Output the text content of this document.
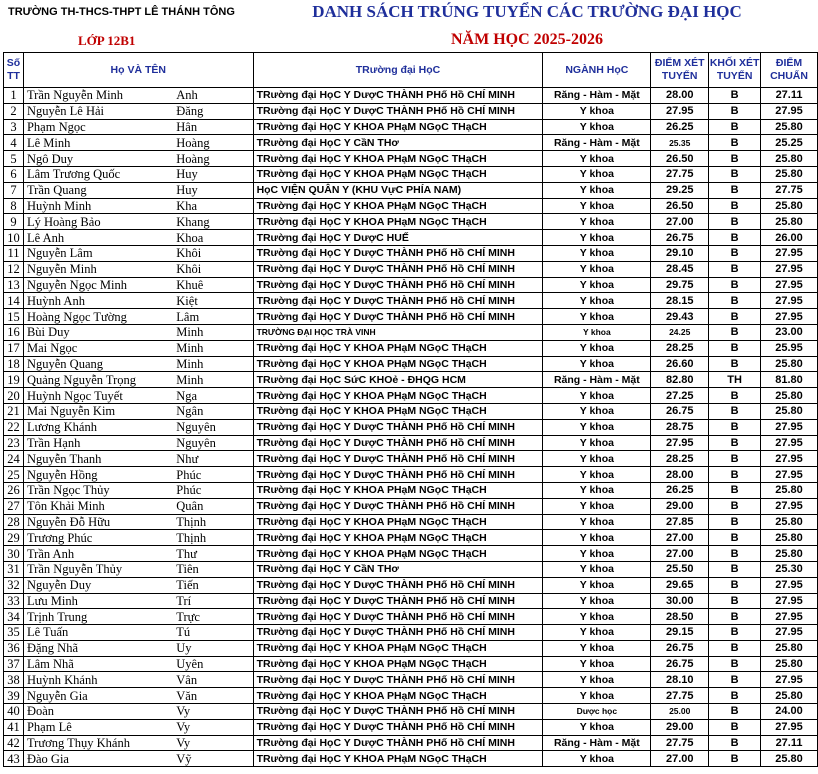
TRƯỜNG TH-THCS-THPT LÊ THÁNH TÔNG
LỚP 12B1
DANH SÁCH TRÚNG TUYỂN CÁC TRƯỜNG ĐẠI HỌC
NĂM HỌC 2025-2026
Số TT	Họ VÀ TÊN		TRường đại HọC	NGÀNH HọC	ĐIỂM XÉT TUYỂN	KHỐI XÉT TUYỂN	ĐIỂM CHUẨN
1	Trần Nguyễn Minh	Anh	TRường đại HọC Y DượC THÀNH PHố Hồ CHÍ MINH	Răng - Hàm - Mặt	28.00	B	27.11
2	Nguyễn Lê Hải	Đăng	TRường đại HọC Y DượC THÀNH PHố Hồ CHÍ MINH	Y khoa	27.95	B	27.95
3	Phạm Ngọc	Hân	TRường đại HọC Y KHOA PHạM NGọC THạCH	Y khoa	26.25	B	25.80
4	Lê Minh	Hoàng	TRường đại HọC Y CầN THơ	Răng - Hàm - Mặt	25.35	B	25.25
5	Ngô Duy	Hoàng	TRường đại HọC Y KHOA PHạM NGọC THạCH	Y khoa	26.50	B	25.80
6	Lâm Trương Quốc	Huy	TRường đại HọC Y KHOA PHạM NGọC THạCH	Y khoa	27.75	B	25.80
7	Trần Quang	Huy	HọC VIỆN QUÂN Y (KHU VựC PHÍA NAM)	Y khoa	29.25	B	27.75
8	Huỳnh Minh	Kha	TRường đại HọC Y KHOA PHạM NGọC THạCH	Y khoa	26.50	B	25.80
9	Lý Hoàng Bảo	Khang	TRường đại HọC Y KHOA PHạM NGọC THạCH	Y khoa	27.00	B	25.80
10	Lê Anh	Khoa	TRường đại HọC Y DượC HUẾ	Y khoa	26.75	B	26.00
11	Nguyễn Lâm	Khôi	TRường đại HọC Y DượC THÀNH PHố Hồ CHÍ MINH	Y khoa	29.10	B	27.95
12	Nguyễn Minh	Khôi	TRường đại HọC Y DượC THÀNH PHố Hồ CHÍ MINH	Y khoa	28.45	B	27.95
13	Nguyễn Ngọc Minh	Khuê	TRường đại HọC Y DượC THÀNH PHố Hồ CHÍ MINH	Y khoa	29.75	B	27.95
14	Huỳnh Anh	Kiệt	TRường đại HọC Y DượC THÀNH PHố Hồ CHÍ MINH	Y khoa	28.15	B	27.95
15	Hoàng Ngọc Tường	Lâm	TRường đại HọC Y DượC THÀNH PHố Hồ CHÍ MINH	Y khoa	29.43	B	27.95
16	Bùi Duy	Minh	TRƯỜNG ĐẠI HỌC TRÀ VINH	Y khoa	24.25	B	23.00
17	Mai Ngọc	Minh	TRường đại HọC Y KHOA PHạM NGọC THạCH	Y khoa	28.25	B	25.95
18	Nguyễn Quang	Minh	TRường đại HọC Y KHOA PHạM NGọC THạCH	Y khoa	26.60	B	25.80
19	Quảng Nguyễn Trọng	Minh	TRường đại HọC SứC KHOẻ - ĐHQG HCM	Răng - Hàm - Mặt	82.80	TH	81.80
20	Huỳnh Ngọc Tuyết	Nga	TRường đại HọC Y KHOA PHạM NGọC THạCH	Y khoa	27.25	B	25.80
21	Mai Nguyễn Kim	Ngân	TRường đại HọC Y KHOA PHạM NGọC THạCH	Y khoa	26.75	B	25.80
22	Lương Khánh	Nguyên	TRường đại HọC Y DượC THÀNH PHố Hồ CHÍ MINH	Y khoa	28.75	B	27.95
23	Trần Hạnh	Nguyên	TRường đại HọC Y DượC THÀNH PHố Hồ CHÍ MINH	Y khoa	27.95	B	27.95
24	Nguyễn Thanh	Như	TRường đại HọC Y DượC THÀNH PHố Hồ CHÍ MINH	Y khoa	28.25	B	27.95
25	Nguyễn Hồng	Phúc	TRường đại HọC Y DượC THÀNH PHố Hồ CHÍ MINH	Y khoa	28.00	B	27.95
26	Trần Ngọc Thủy	Phúc	TRường đại HọC Y KHOA PHạM NGọC THạCH	Y khoa	26.25	B	25.80
27	Tôn Khải Minh	Quân	TRường đại HọC Y DượC THÀNH PHố Hồ CHÍ MINH	Y khoa	29.00	B	27.95
28	Nguyễn Đỗ Hữu	Thịnh	TRường đại HọC Y KHOA PHạM NGọC THạCH	Y khoa	27.85	B	25.80
29	Trương Phúc	Thịnh	TRường đại HọC Y KHOA PHạM NGọC THạCH	Y khoa	27.00	B	25.80
30	Trần Anh	Thư	TRường đại HọC Y KHOA PHạM NGọC THạCH	Y khoa	27.00	B	25.80
31	Trần Nguyễn Thủy	Tiên	TRường đại HọC Y CầN THơ	Y khoa	25.50	B	25.30
32	Nguyễn Duy	Tiến	TRường đại HọC Y DượC THÀNH PHố Hồ CHÍ MINH	Y khoa	29.65	B	27.95
33	Lưu Minh	Trí	TRường đại HọC Y DượC THÀNH PHố Hồ CHÍ MINH	Y khoa	30.00	B	27.95
34	Trịnh Trung	Trực	TRường đại HọC Y DượC THÀNH PHố Hồ CHÍ MINH	Y khoa	28.50	B	27.95
35	Lê Tuấn	Tú	TRường đại HọC Y DượC THÀNH PHố Hồ CHÍ MINH	Y khoa	29.15	B	27.95
36	Đặng Nhã	Uy	TRường đại HọC Y KHOA PHạM NGọC THạCH	Y khoa	26.75	B	25.80
37	Lâm Nhã	Uyên	TRường đại HọC Y KHOA PHạM NGọC THạCH	Y khoa	26.75	B	25.80
38	Huỳnh Khánh	Vân	TRường đại HọC Y DượC THÀNH PHố Hồ CHÍ MINH	Y khoa	28.10	B	27.95
39	Nguyễn Gia	Văn	TRường đại HọC Y KHOA PHạM NGọC THạCH	Y khoa	27.75	B	25.80
40	Đoàn	Vy	TRường đại HọC Y DượC THÀNH PHố Hồ CHÍ MINH	Dược học	25.00	B	24.00
41	Phạm Lê	Vy	TRường đại HọC Y DượC THÀNH PHố Hồ CHÍ MINH	Y khoa	29.00	B	27.95
42	Trương Thụy Khánh	Vy	TRường đại HọC Y DượC THÀNH PHố Hồ CHÍ MINH	Răng - Hàm - Mặt	27.75	B	27.11
43	Đào Gia	Vỹ	TRường đại HọC Y KHOA PHạM NGọC THạCH	Y khoa	27.00	B	25.80
